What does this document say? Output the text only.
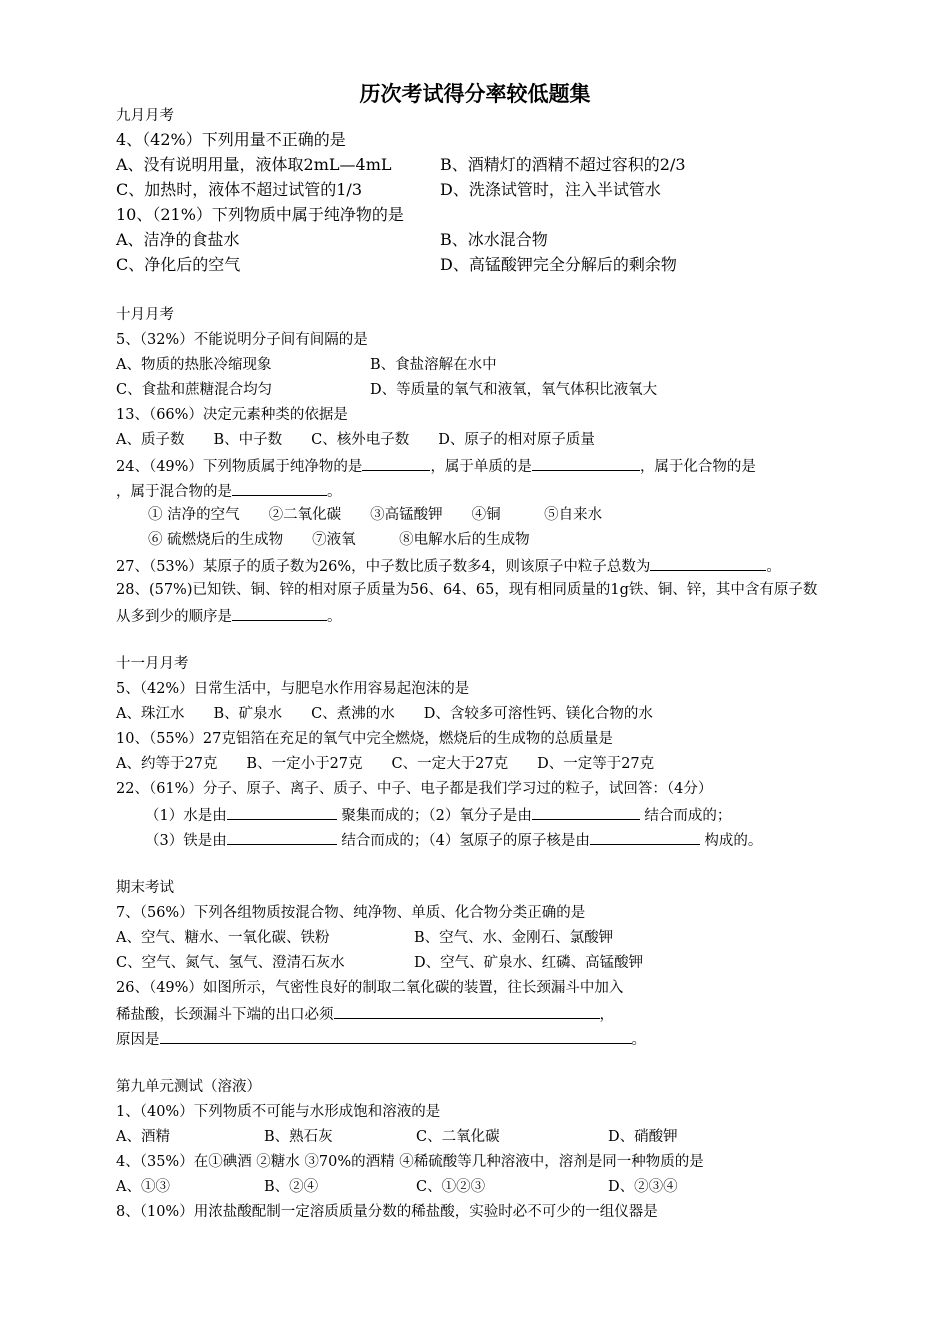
历次考试得分率较低题集
九月月考
4、（42%）下列用量不正确的是
A、没有说明用量，液体取2mL—4mL	B、酒精灯的酒精不超过容积的2/3
C、加热时，液体不超过试管的1/3	D、洗涤试管时，注入半试管水
10、（21%）下列物质中属于纯净物的是
A、洁净的食盐水	B、冰水混合物
C、净化后的空气	D、高锰酸钾完全分解后的剩余物
十月月考
5、（32%）不能说明分子间有间隔的是
A、物质的热胀冷缩现象	B、食盐溶解在水中
C、食盐和蔗糖混合均匀	D、等质量的氧气和液氧，氧气体积比液氧大
13、（66%）决定元素种类的依据是
A、质子数　　B、中子数　　C、核外电子数　　D、原子的相对原子质量
24、（49%）下列物质属于纯净物的是	，属于单质的是	，属于化合物的是
，属于混合物的是	。
① 洁净的空气　　②二氧化碳　　③高锰酸钾　　④铜　　　⑤自来水
⑥ 硫燃烧后的生成物　　⑦液氧　　　⑧电解水后的生成物
27、（53%）某原子的质子数为26%，中子数比质子数多4，则该原子中粒子总数为	。
28、(57%)已知铁、铜、锌的相对原子质量为56、64、65，现有相同质量的1g铁、铜、锌，其中含有原子数
从多到少的顺序是	。
十一月月考
5、（42%）日常生活中，与肥皂水作用容易起泡沫的是
A、珠江水　　B、矿泉水　　C、煮沸的水　　D、含较多可溶性钙、镁化合物的水
10、（55%）27克铝箔在充足的氧气中完全燃烧，燃烧后的生成物的总质量是
A、约等于27克　　B、一定小于27克　　C、一定大于27克　　D、一定等于27克
22、（61%）分子、原子、离子、质子、中子、电子都是我们学习过的粒子，试回答：（4分）
（1）水是由	聚集而成的；（2）氧分子是由	结合而成的；
（3）铁是由	结合而成的；（4）氢原子的原子核是由	构成的。
期末考试
7、（56%）下列各组物质按混合物、纯净物、单质、化合物分类正确的是
A、空气、糖水、一氧化碳、铁粉	B、空气、水、金刚石、氯酸钾
C、空气、氮气、氢气、澄清石灰水	D、空气、矿泉水、红磷、高锰酸钾
26、（49%）如图所示，气密性良好的制取二氧化碳的装置，往长颈漏斗中加入
稀盐酸，长颈漏斗下端的出口必须	，
原因是	。
第九单元测试（溶液）
1、（40%）下列物质不可能与水形成饱和溶液的是
A、酒精	B、熟石灰	C、二氧化碳	D、硝酸钾
4、（35%）在①碘酒 ②糖水 ③70%的酒精 ④稀硫酸等几种溶液中，溶剂是同一种物质的是
A、①③	B、②④	C、①②③	D、②③④
8、（10%）用浓盐酸配制一定溶质质量分数的稀盐酸，实验时必不可少的一组仪器是
